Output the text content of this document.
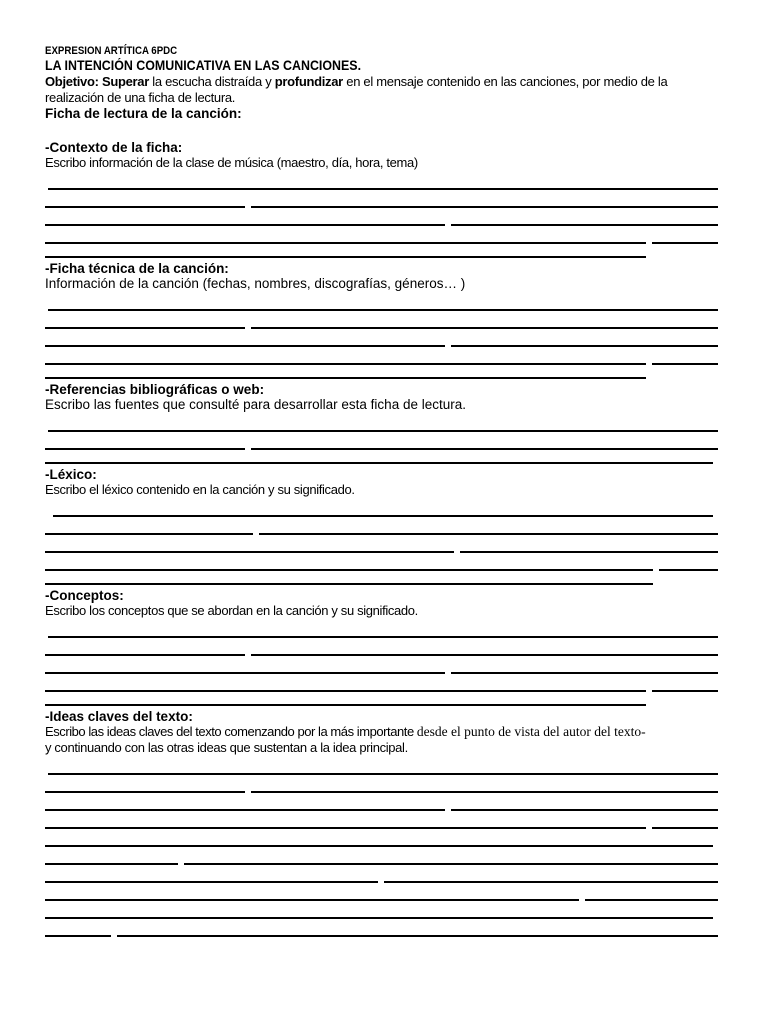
EXPRESION ARTÍTICA 6PDC
LA INTENCIÓN COMUNICATIVA EN LAS CANCIONES.
Objetivo: Superar la escucha distraída y profundizar en el mensaje contenido en las canciones, por medio de la realización de una ficha de lectura.
Ficha de lectura de la canción:
-Contexto de la ficha:
Escribo información de la clase de música (maestro, día, hora, tema)
-Ficha técnica de la canción:
Información de la canción (fechas, nombres, discografías, géneros… )
-Referencias bibliográficas o web:
Escribo las fuentes que consulté para desarrollar esta ficha de lectura.
-Léxico:
Escribo el léxico contenido en la canción y su significado.
-Conceptos:
Escribo los conceptos que se abordan en la canción y su significado.
-Ideas claves del texto:
Escribo las ideas claves del texto comenzando por la más importante desde el punto de vista del autor del texto-
y continuando con las otras ideas que sustentan a la idea principal.
